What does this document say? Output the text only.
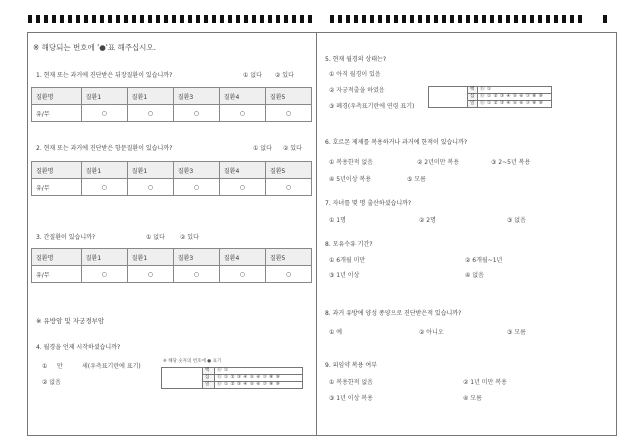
※ 해당되는 번호에 '●'표 해주십시오.
1. 현재 또는 과거에 진단받은 뒤장질환이 있습니까?	① 없다 ② 있다
질환명	질환1	질환1	질환3	질환4	질환5
유/무	○	○	○	○	○
2. 현재 또는 과거에 진단받은 항문질환이 있습니까?	① 없다 ② 있다
질환명	질환1	질환1	질환3	질환4	질환5
유/무	○	○	○	○	○
3. 간질환이 있습니까?	① 없다	② 있다
질환명	질환1	질환1	질환3	질환4	질환5
유/무	○	○	○	○	○
※ 유방암 및 자궁경부암
4. 월경을 언제 시작하셨습니까?
① 만	세(우측표기란에 표기)
② 없음
※ 해당 숫자의 번호에 ● 표기
	백	⓪ ①
	십	⓪ ① ② ③ ④ ⑤ ⑥ ⑦ ⑧ ⑨
	일	⓪ ① ② ③ ④ ⑤ ⑥ ⑦ ⑧ ⑨
5. 현재 월경의 상태는?
① 아직 월경이 있음
② 자궁적출을 하였음
③ 폐경(우측표기란에 연령 표기)
	백	⓪ ①
	십	⓪ ① ② ③ ④ ⑤ ⑥ ⑦ ⑧ ⑨
	일	⓪ ① ② ③ ④ ⑤ ⑥ ⑦ ⑧ ⑨
6. 호르몬 제제를 복용하거나 과거에 한적이 있습니까?
① 복용한적 없음	② 2년미만 복용	③ 2~5년 복용
④ 5년이상 복용	⑤ 모름
7. 자녀를 몇 명 출산하셨습니까?
① 1명	② 2명	③ 없음
8. 모유수유 기간?
① 6개월 미만	② 6개월~1년
③ 1년 이상	④ 없음
8. 과거 유방에 양성 종양으로 진단받은적 있습니까?
① 예	② 아니오	③ 모름
9. 피임약 복용 여부
① 복용한적 없음	② 1년 미만 복용
③ 1년 이상 복용	④ 모름
